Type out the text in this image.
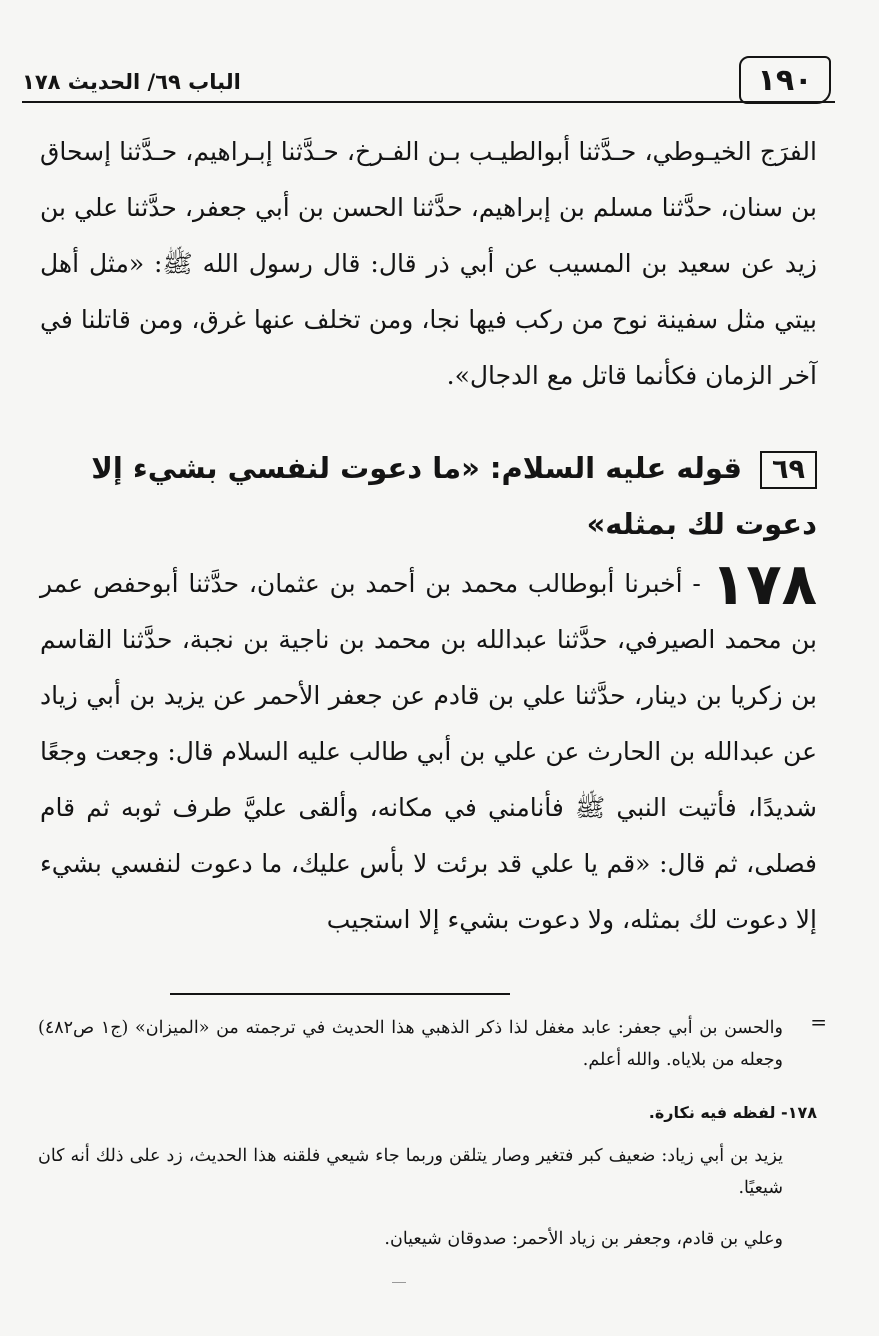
الباب ٦٩/ الحديث ١٧٨	١٩٠
الفرَج الخيـوطي، حـدَّثنا أبوالطيـب بـن الفـرخ، حـدَّثنا إبـراهيم، حـدَّثنا إسحاق بن سنان، حدَّثنا مسلم بن إبراهيم، حدَّثنا الحسن بن أبي جعفر، حدَّثنا علي بن زيد عن سعيد بن المسيب عن أبي ذر قال: قال رسول الله ﷺ: «مثل أهل بيتي مثل سفينة نوح من ركب فيها نجا، ومن تخلف عنها غرق، ومن قاتلنا في آخر الزمان فكأنما قاتل مع الدجال».
٦٩قوله عليه السلام: «ما دعوت لنفسي بشيء إلا دعوت لك بمثله»
١٧٨
- أخبرنا أبوطالب محمد بن أحمد بن عثمان، حدَّثنا أبوحفص عمر بن محمد الصيرفي، حدَّثنا عبدالله بن محمد بن ناجية بن نجبة، حدَّثنا القاسم بن زكريا بن دينار، حدَّثنا علي بن قادم عن جعفر الأحمر عن يزيد بن أبي زياد عن عبدالله بن الحارث عن علي بن أبي طالب عليه السلام قال: وجعت وجعًا شديدًا، فأتيت النبي ﷺ فأنامني في مكانه، وألقى عليَّ طرف ثوبه ثم قام فصلى، ثم قال: «قم يا علي قد برئت لا بأس عليك، ما دعوت لنفسي بشيء إلا دعوت لك بمثله، ولا دعوت بشيء إلا استجيب
=
والحسن بن أبي جعفر: عابد مغفل لذا ذكر الذهبي هذا الحديث في ترجمته من «الميزان» (ج١ ص٤٨٢) وجعله من بلاياه. والله أعلم.
١٧٨- لفظه فيه نكارة.
يزيد بن أبي زياد: ضعيف كبر فتغير وصار يتلقن وربما جاء شيعي فلقنه هذا الحديث، زد على ذلك أنه كان شيعيًا.
وعلي بن قادم، وجعفر بن زياد الأحمر: صدوقان شيعيان.
